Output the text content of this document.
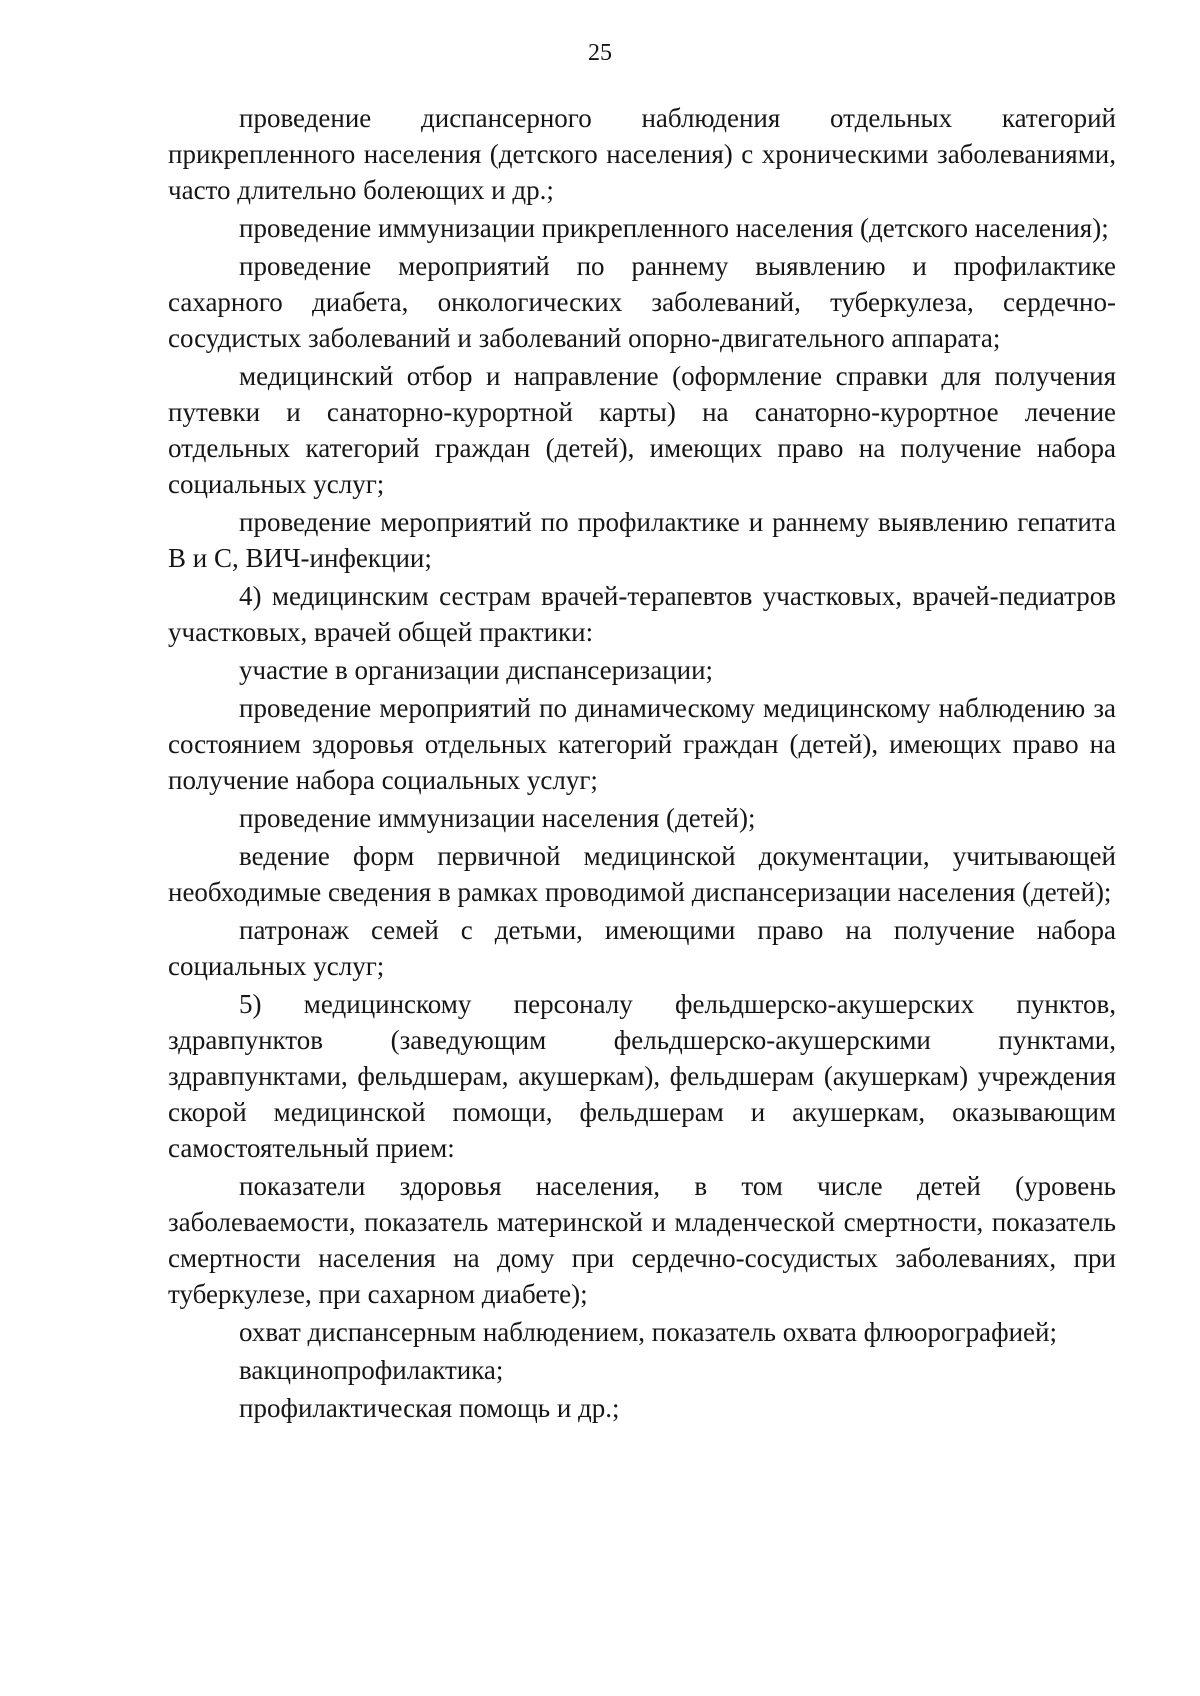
25

проведение диспансерного наблюдения отдельных категорий прикрепленного населения (детского населения) с хроническими заболеваниями, часто длительно болеющих и др.;

проведение иммунизации прикрепленного населения (детского населения);

проведение мероприятий по раннему выявлению и профилактике сахарного диабета, онкологических заболеваний, туберкулеза, сердечно-сосудистых заболеваний и заболеваний опорно-двигательного аппарата;

медицинский отбор и направление (оформление справки для получения путевки и санаторно-курортной карты) на санаторно-курортное лечение отдельных категорий граждан (детей), имеющих право на получение набора социальных услуг;

проведение мероприятий по профилактике и раннему выявлению гепатита В и С, ВИЧ-инфекции;

4) медицинским сестрам врачей-терапевтов участковых, врачей-педиатров участковых, врачей общей практики:

участие в организации диспансеризации;

проведение мероприятий по динамическому медицинскому наблюдению за состоянием здоровья отдельных категорий граждан (детей), имеющих право на получение набора социальных услуг;

проведение иммунизации населения (детей);

ведение форм первичной медицинской документации, учитывающей необходимые сведения в рамках проводимой диспансеризации населения (детей);

патронаж семей с детьми, имеющими право на получение набора социальных услуг;

5) медицинскому персоналу фельдшерско-акушерских пунктов, здравпунктов (заведующим фельдшерско-акушерскими пунктами, здравпунктами, фельдшерам, акушеркам), фельдшерам (акушеркам) учреждения скорой медицинской помощи, фельдшерам и акушеркам, оказывающим самостоятельный прием:

показатели здоровья населения, в том числе детей (уровень заболеваемости, показатель материнской и младенческой смертности, показатель смертности населения на дому при сердечно-сосудистых заболеваниях, при туберкулезе, при сахарном диабете);

охват диспансерным наблюдением, показатель охвата флюорографией;

вакцинопрофилактика;

профилактическая помощь и др.;
